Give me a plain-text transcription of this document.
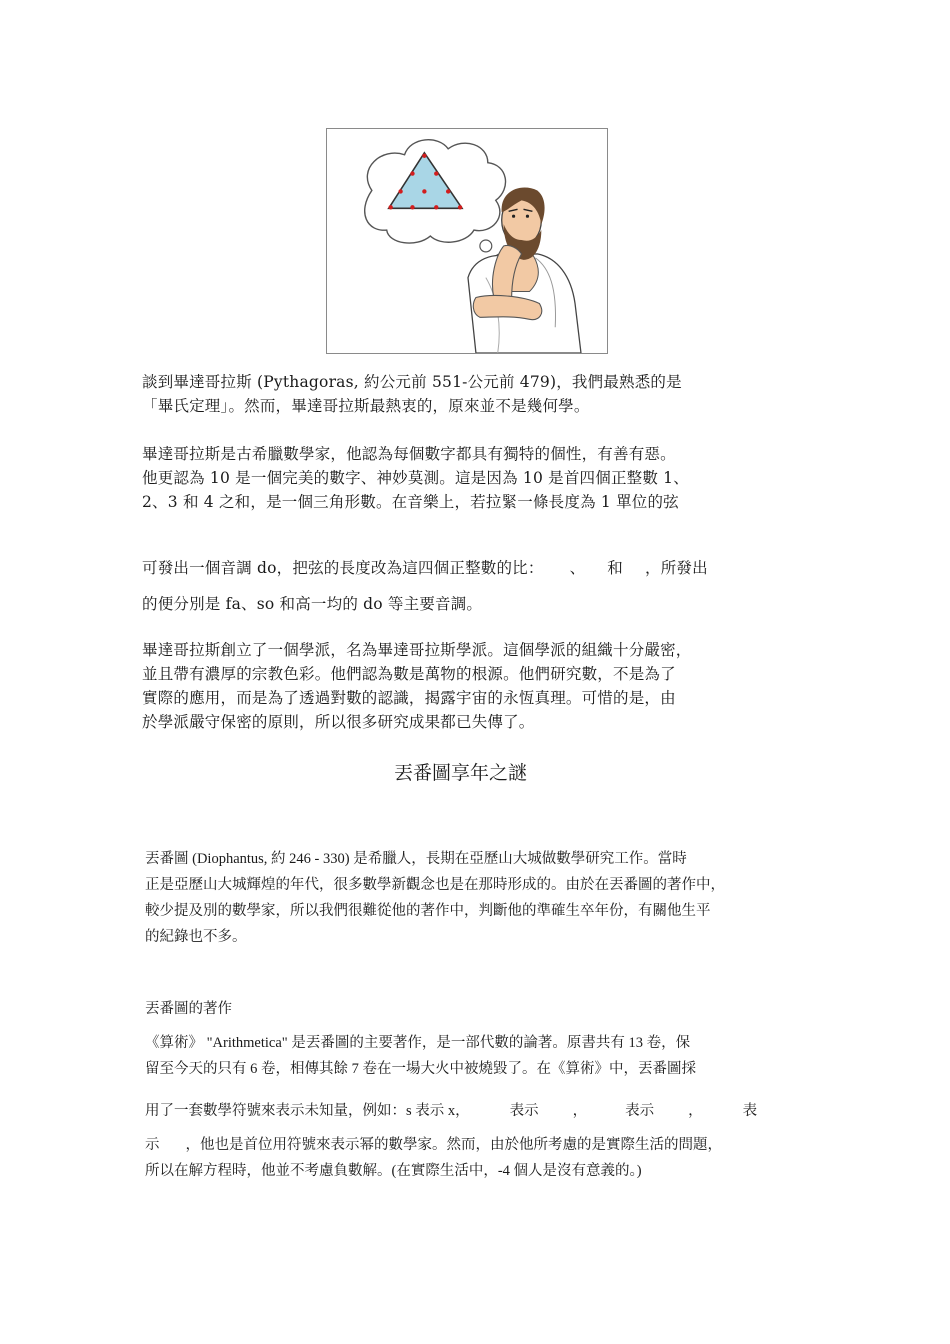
談到畢達哥拉斯 (Pythagoras, 約公元前 551-公元前 479)，我們最熟悉的是
「畢氏定理」。然而，畢達哥拉斯最熱衷的，原來並不是幾何學。
畢達哥拉斯是古希臘數學家，他認為每個數字都具有獨特的個性，有善有惡。
他更認為 10 是一個完美的數字、神妙莫測。這是因為 10 是首四個正整數 1、
2、3 和 4 之和，是一個三角形數。在音樂上，若拉緊一條長度為 1 單位的弦
可發出一個音調 do，把弦的長度改為這四個正整數的比： 、 和 ，所發出
的便分別是 fa、so 和高一均的 do 等主要音調。
畢達哥拉斯創立了一個學派，名為畢達哥拉斯學派。這個學派的組織十分嚴密，
並且帶有濃厚的宗教色彩。他們認為數是萬物的根源。他們研究數，不是為了
實際的應用，而是為了透過對數的認識，揭露宇宙的永恆真理。可惜的是，由
於學派嚴守保密的原則，所以很多研究成果都已失傳了。
丟番圖享年之謎
丟番圖 (Diophantus, 約 246 - 330) 是希臘人，長期在亞歷山大城做數學研究工作。當時
正是亞歷山大城輝煌的年代，很多數學新觀念也是在那時形成的。由於在丟番圖的著作中，
較少提及別的數學家，所以我們很難從他的著作中，判斷他的準確生卒年份，有關他生平
的紀錄也不多。
丟番圖的著作
《算術》 "Arithmetica" 是丟番圖的主要著作，是一部代數的論著。原書共有 13 卷，保
留至今天的只有 6 卷，相傳其餘 7 卷在一場大火中被燒毀了。在《算術》中，丟番圖採
用了一套數學符號來表示未知量，例如：s 表示 x，	表示 ，	表示 ，	表
示 ，他也是首位用符號來表示幂的數學家。然而，由於他所考慮的是實際生活的問題，
所以在解方程時，他並不考慮負數解。(在實際生活中，-4 個人是沒有意義的。)
